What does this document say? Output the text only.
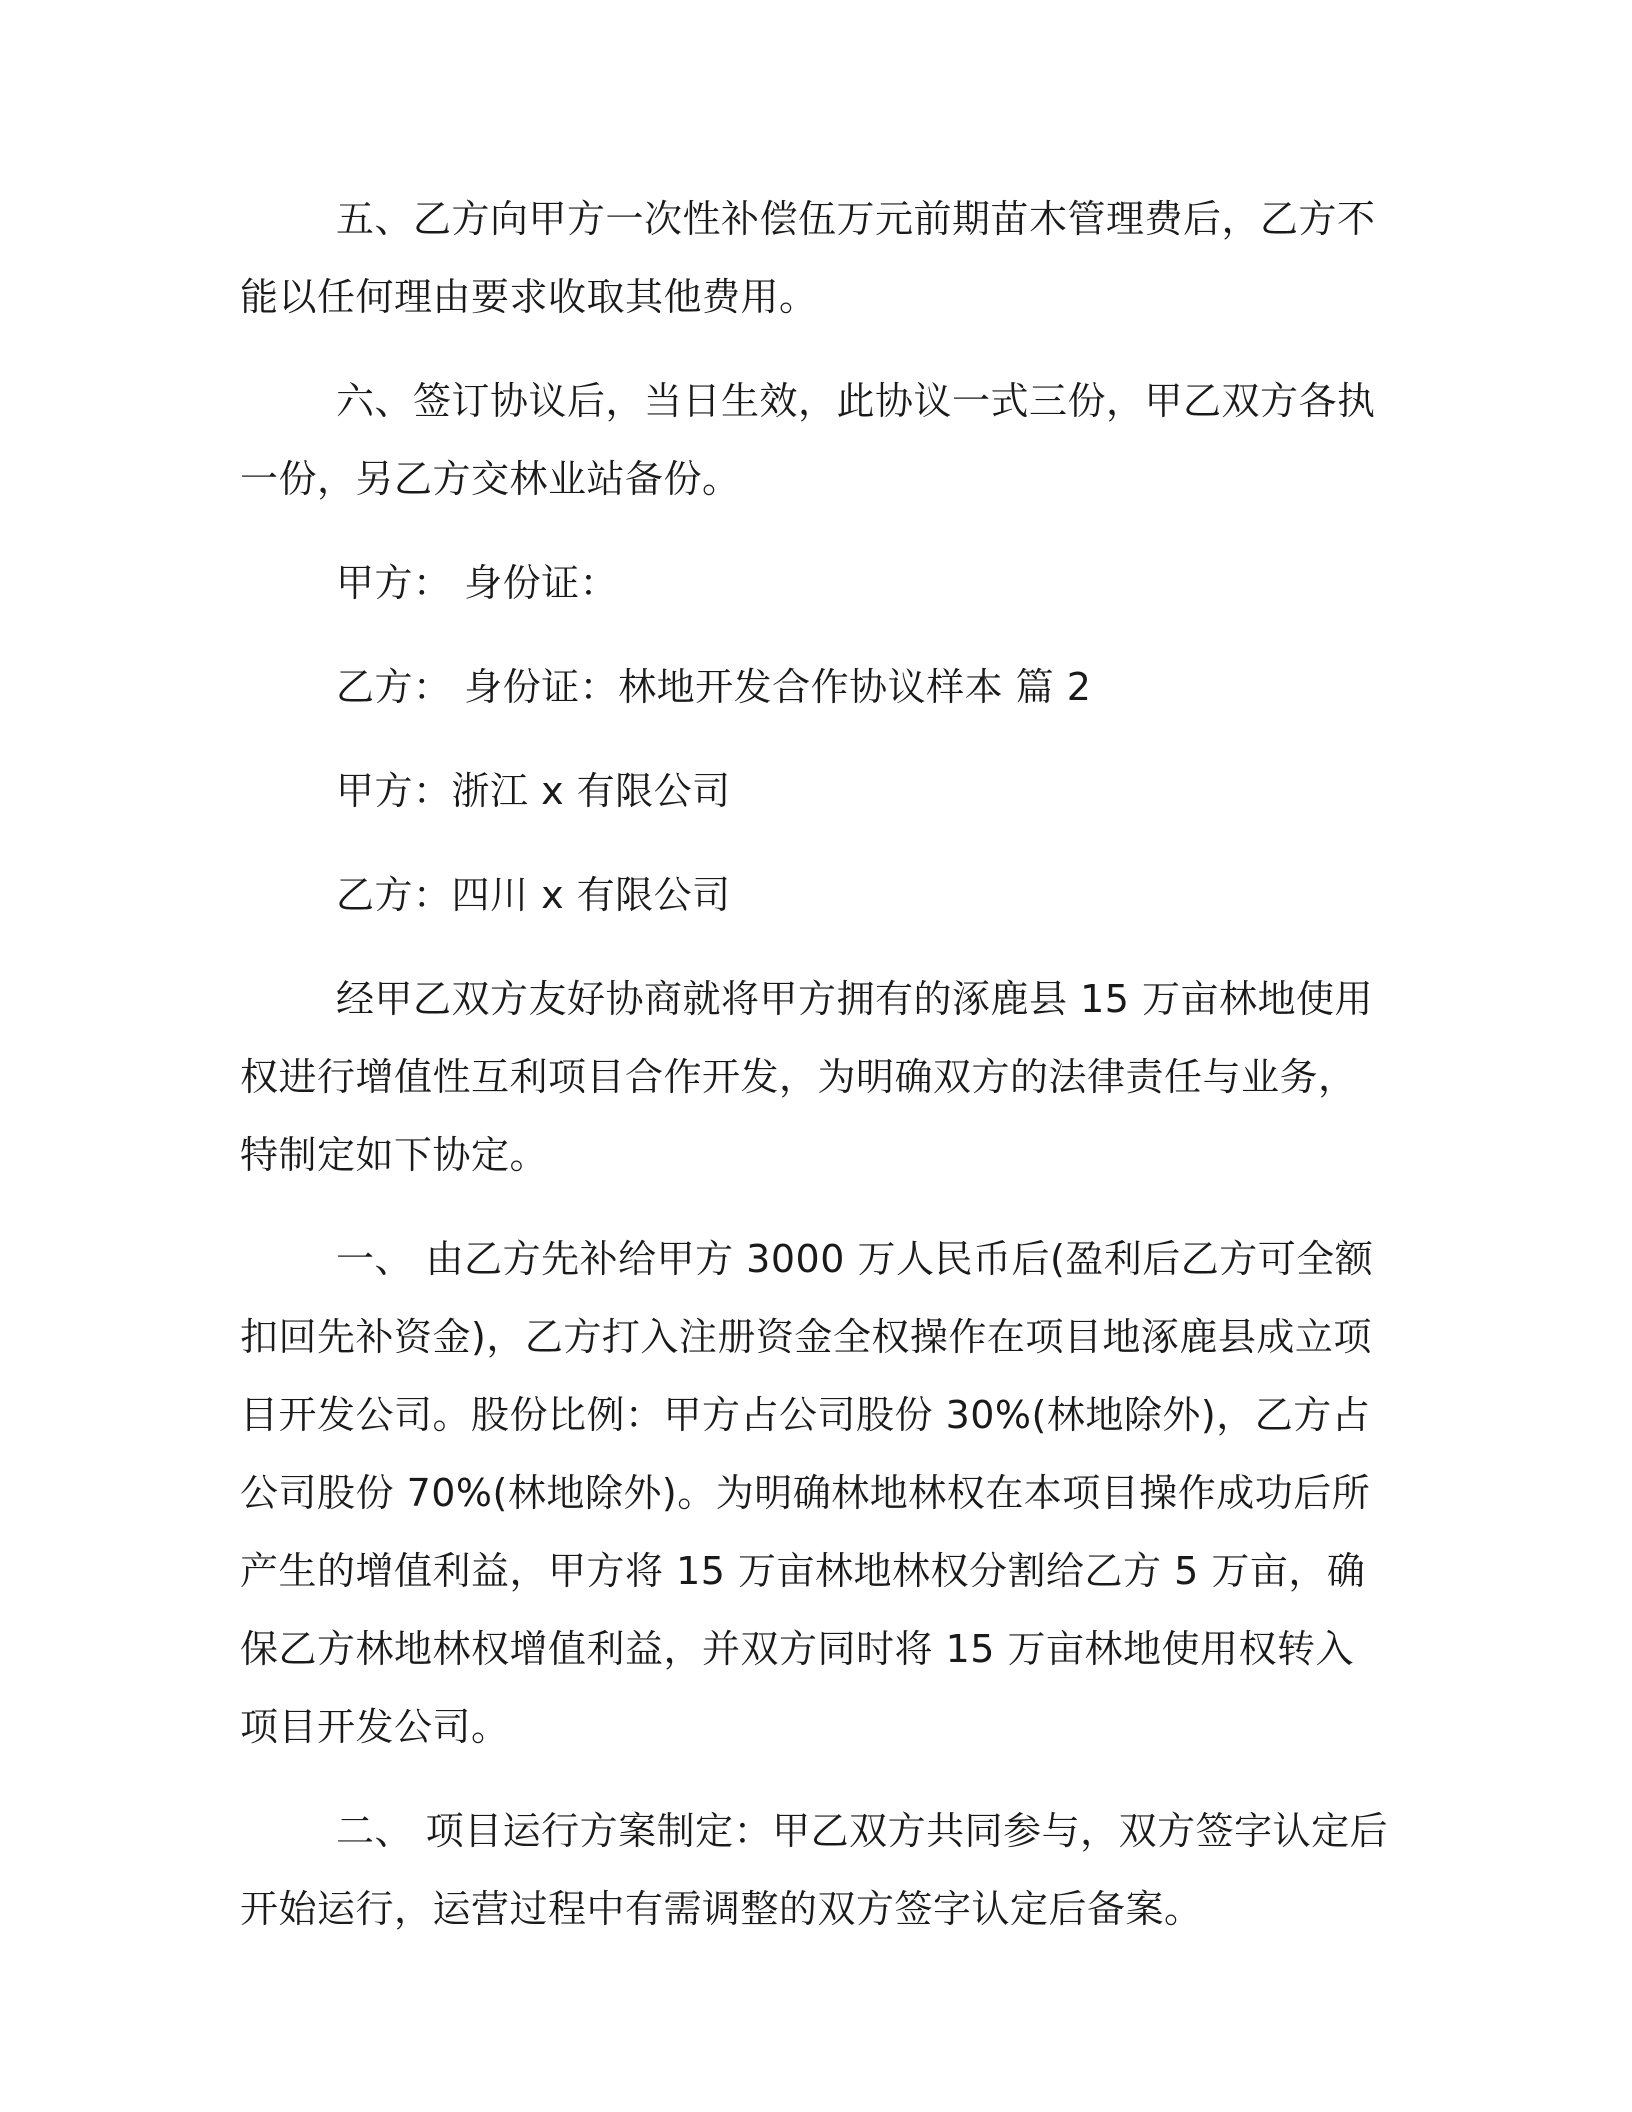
五、乙方向甲方一次性补偿伍万元前期苗木管理费后，乙方不能以任何理由要求收取其他费用。

六、签订协议后，当日生效，此协议一式三份，甲乙双方各执一份，另乙方交林业站备份。

甲方： 身份证：

乙方： 身份证：林地开发合作协议样本 篇 2

甲方：浙江 x 有限公司

乙方：四川 x 有限公司

经甲乙双方友好协商就将甲方拥有的涿鹿县 15 万亩林地使用权进行增值性互利项目合作开发，为明确双方的法律责任与业务，特制定如下协定。

一、 由乙方先补给甲方 3000 万人民币后(盈利后乙方可全额扣回先补资金)，乙方打入注册资金全权操作在项目地涿鹿县成立项目开发公司。股份比例：甲方占公司股份 30%(林地除外)，乙方占公司股份 70%(林地除外)。为明确林地林权在本项目操作成功后所产生的增值利益，甲方将 15 万亩林地林权分割给乙方 5 万亩，确保乙方林地林权增值利益，并双方同时将 15 万亩林地使用权转入项目开发公司。

二、 项目运行方案制定：甲乙双方共同参与，双方签字认定后开始运行，运营过程中有需调整的双方签字认定后备案。
